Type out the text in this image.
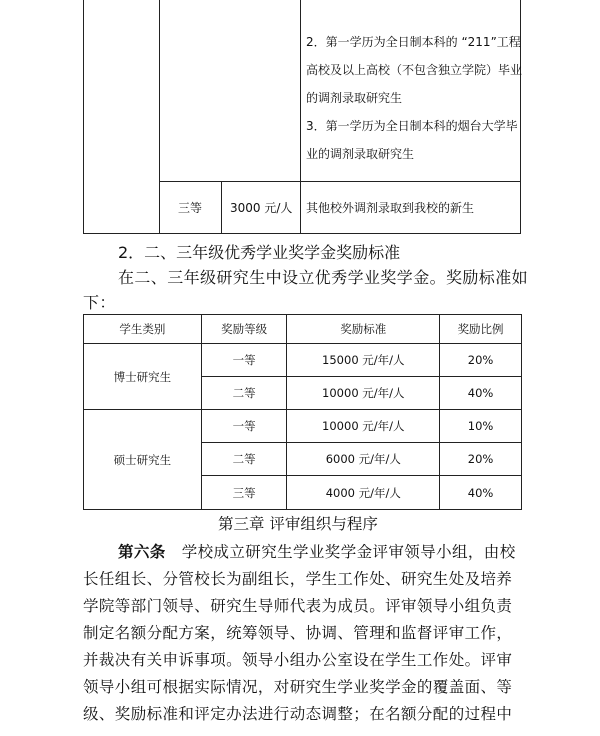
2．第一学历为全日制本科的 “211”工程
高校及以上高校（不包含独立学院）毕业
的调剂录取研究生
3．第一学历为全日制本科的烟台大学毕
业的调剂录取研究生
三等 3000 元/人 其他校外调剂录取到我校的新生
2．二、三年级优秀学业奖学金奖励标准
在二、三年级研究生中设立优秀学业奖学金。奖励标准如
下：
学生类别	奖励等级	奖励标准	奖励比例
博士研究生	一等	15000 元/年/人	20%
	二等	10000 元/年/人	40%
硕士研究生	一等	10000 元/年/人	10%
	二等	6000 元/年/人	20%
	三等	4000 元/年/人	40%
第三章 评审组织与程序
第六条 学校成立研究生学业奖学金评审领导小组，由校
长任组长、分管校长为副组长，学生工作处、研究生处及培养
学院等部门领导、研究生导师代表为成员。评审领导小组负责
制定名额分配方案，统筹领导、协调、管理和监督评审工作，
并裁决有关申诉事项。领导小组办公室设在学生工作处。评审
领导小组可根据实际情况，对研究生学业奖学金的覆盖面、等
级、奖励标准和评定办法进行动态调整；在名额分配的过程中
